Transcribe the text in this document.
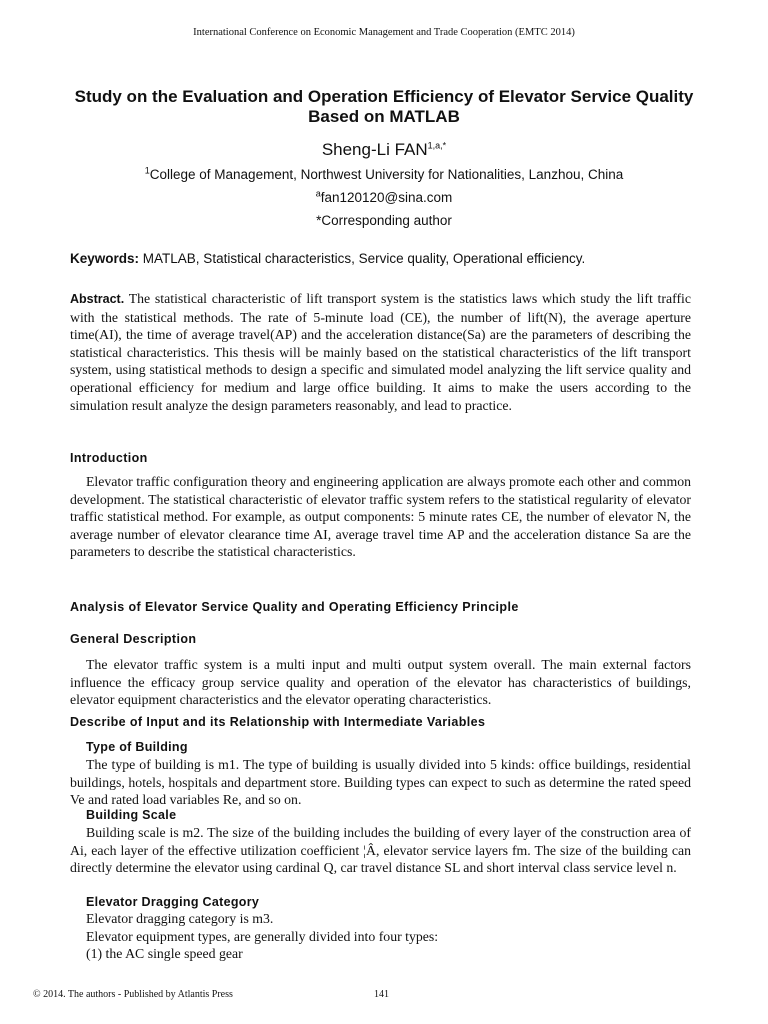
International Conference on Economic Management and Trade Cooperation (EMTC 2014)
Study on the Evaluation and Operation Efficiency of Elevator Service Quality Based on MATLAB
Sheng-Li $FAN^{1,a,*}$
$^1$College of Management, Northwest University for Nationalities, Lanzhou, China
$^a$fan120120@sina.com
*Corresponding author
Keywords: MATLAB, Statistical characteristics, Service quality, Operational efficiency.
Abstract. The statistical characteristic of lift transport system is the statistics laws which study the lift traffic with the statistical methods. The rate of 5-minute load (CE), the number of lift(N), the average aperture time(AI), the time of average travel(AP) and the acceleration distance(Sa) are the parameters of describing the statistical characteristics. This thesis will be mainly based on the statistical characteristics of the lift transport system, using statistical methods to design a specific and simulated model analyzing the lift service quality and operational efficiency for medium and large office building. It aims to make the users according to the simulation result analyze the design parameters reasonably, and lead to practice.
Introduction
Elevator traffic configuration theory and engineering application are always promote each other and common development. The statistical characteristic of elevator traffic system refers to the statistical regularity of elevator traffic statistical method. For example, as output components: 5 minute rates CE, the number of elevator N, the average number of elevator clearance time AI, average travel time AP and the acceleration distance Sa are the parameters to describe the statistical characteristics.
Analysis of Elevator Service Quality and Operating Efficiency Principle
General Description
The elevator traffic system is a multi input and multi output system overall. The main external factors influence the efficacy group service quality and operation of the elevator has characteristics of buildings, elevator equipment characteristics and the elevator operating characteristics.
Describe of Input and its Relationship with Intermediate Variables
Type of Building
The type of building is m1. The type of building is usually divided into 5 kinds: office buildings, residential buildings, hotels, hospitals and department store. Building types can expect to such as determine the rated speed Ve and rated load variables Re, and so on.
Building Scale
Building scale is m2. The size of the building includes the building of every layer of the construction area of Ai, each layer of the effective utilization coefficient ¦Â, elevator service layers fm. The size of the building can directly determine the elevator using cardinal Q, car travel distance SL and short interval class service level n.
Elevator Dragging Category
Elevator dragging category is m3.
Elevator equipment types, are generally divided into four types:
(1) the AC single speed gear
© 2014. The authors - Published by Atlantis Press	141
